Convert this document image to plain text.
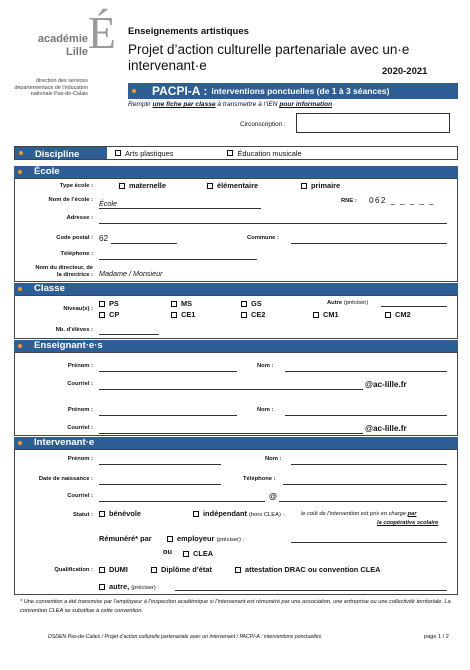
É
académie
Lille
direction des services départementaux de l'éducation nationale Pas-de-Calais
Enseignements artistiques
Projet d’action culturelle partenariale avec un·e intervenant·e	2020-2021
PACPI-A : interventions ponctuelles (de 1 à 3 séances)
Remplir une fiche par classe à transmettre à l’IEN pour information
Circonscription :
Discipline	Arts plastiques	Éducation musicale
École
Type école :	maternelle	élémentaire	primaire
Nom de l’école : École	RNE : 062 _ _ _ _ _
Adresse :
Code postal : 62	Commune :
Téléphone :
Nom du directeur, de
la directrice : Madame / Monsieur
Classe
Niveau(x) :
PS	MS	GS	Autre (préciser)
CP	CE1	CE2	CM1	CM2
Nb. d’élèves :
Enseignant·e·s
Prénom :	Nom :
Courriel :	@ac-lille.fr
Prénom :	Nom :
Courriel :	@ac-lille.fr
Intervenant·e
Prénom :	Nom :
Date de naissance :	Téléphone :
Courriel :	@
Statut :	bénévole	indépendant (hors CLEA) :	le coût de l’intervention est pris en charge par
la coopérative scolaire
Rémunéré* par	employeur (préciser) :
ou	CLEA
Qualification :	DUMI	Diplôme d’état	attestation DRAC ou convention CLEA
autre, (préciser) :
* Une convention a été transmise par l’employeur à l’inspection académique si l’intervenant est rémunéré par une association, une entreprise ou une collectivité territoriale. La convention CLEA se substitue à cette convention.
DSDEN Pas-de-Calais / Projet d’action culturelle partenariale avec un intervenant / PACPI-A : interventions ponctuelles	page 1 / 2
